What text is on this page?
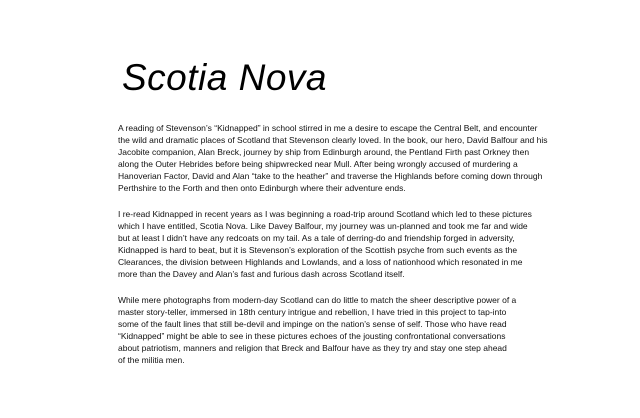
Scotia Nova

A reading of Stevenson’s “Kidnapped” in school stirred in me a desire to escape the Central Belt, and encounter
the wild and dramatic places of Scotland that Stevenson clearly loved. In the book, our hero, David Balfour and his
Jacobite companion, Alan Breck, journey by ship from Edinburgh around, the Pentland Firth past Orkney then
along the Outer Hebrides before being shipwrecked near Mull. After being wrongly accused of murdering a
Hanoverian Factor, David and Alan “take to the heather” and traverse the Highlands before coming down through
Perthshire to the Forth and then onto Edinburgh where their adventure ends.

I re-read Kidnapped in recent years as I was beginning a road-trip around Scotland which led to these pictures
which I have entitled, Scotia Nova. Like Davey Balfour, my journey was un-planned and took me far and wide
but at least I didn’t have any redcoats on my tail. As a tale of derring-do and friendship forged in adversity,
Kidnapped is hard to beat, but it is Stevenson’s exploration of the Scottish psyche from such events as the
Clearances, the division between Highlands and Lowlands, and a loss of nationhood which resonated in me
more than the Davey and Alan’s fast and furious dash across Scotland itself.

While mere photographs from modern-day Scotland can do little to match the sheer descriptive power of a
master story-teller, immersed in 18th century intrigue and rebellion, I have tried in this project to tap-into
some of the fault lines that still be-devil and impinge on the nation’s sense of self. Those who have read
“Kidnapped” might be able to see in these pictures echoes of the jousting confrontational conversations
about patriotism, manners and religion that Breck and Balfour have as they try and stay one step ahead
of the militia men.
